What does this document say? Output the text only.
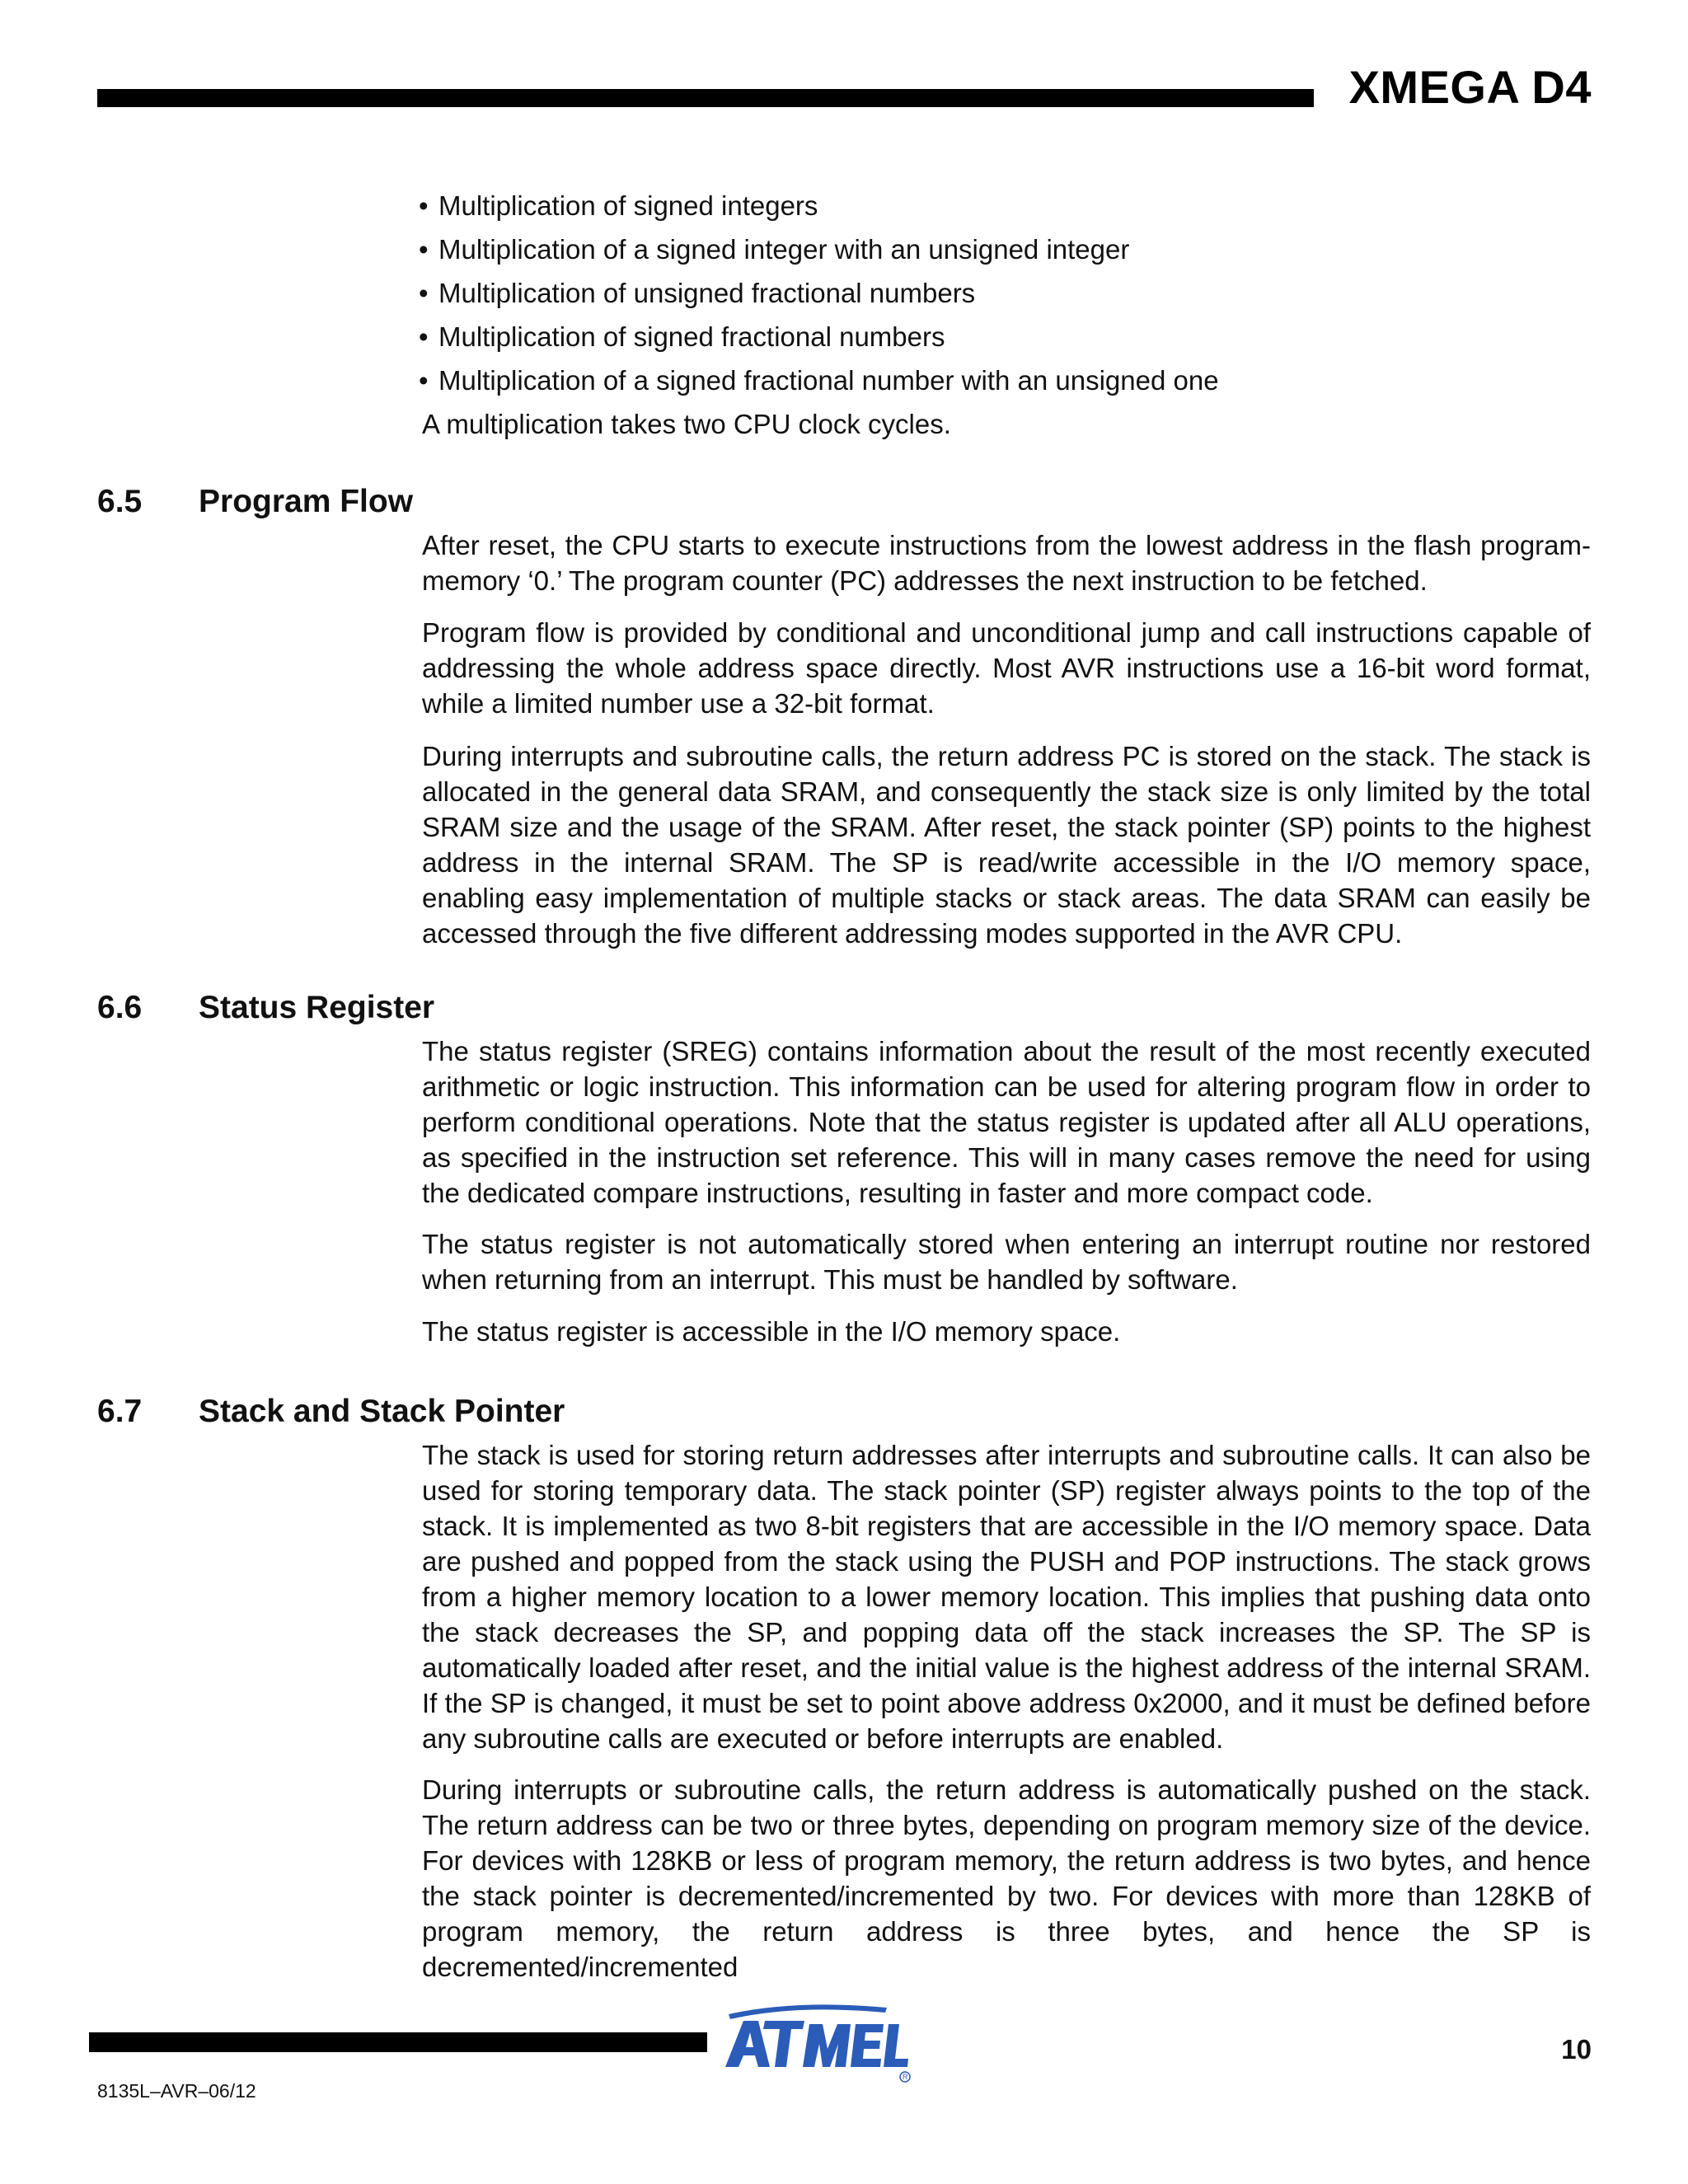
XMEGA D4
• Multiplication of signed integers
• Multiplication of a signed integer with an unsigned integer
• Multiplication of unsigned fractional numbers
• Multiplication of signed fractional numbers
• Multiplication of a signed fractional number with an unsigned one
A multiplication takes two CPU clock cycles.
6.5 Program Flow
After reset, the CPU starts to execute instructions from the lowest address in the flash program-memory ‘0.’ The program counter (PC) addresses the next instruction to be fetched.
Program flow is provided by conditional and unconditional jump and call instructions capable of addressing the whole address space directly. Most AVR instructions use a 16-bit word format, while a limited number use a 32-bit format.
During interrupts and subroutine calls, the return address PC is stored on the stack. The stack is allocated in the general data SRAM, and consequently the stack size is only limited by the total SRAM size and the usage of the SRAM. After reset, the stack pointer (SP) points to the highest address in the internal SRAM. The SP is read/write accessible in the I/O memory space, enabling easy implementation of multiple stacks or stack areas. The data SRAM can easily be accessed through the five different addressing modes supported in the AVR CPU.
6.6 Status Register
The status register (SREG) contains information about the result of the most recently executed arithmetic or logic instruction. This information can be used for altering program flow in order to perform conditional operations. Note that the status register is updated after all ALU operations, as specified in the instruction set reference. This will in many cases remove the need for using the dedicated compare instructions, resulting in faster and more compact code.
The status register is not automatically stored when entering an interrupt routine nor restored when returning from an interrupt. This must be handled by software.
The status register is accessible in the I/O memory space.
6.7 Stack and Stack Pointer
The stack is used for storing return addresses after interrupts and subroutine calls. It can also be used for storing temporary data. The stack pointer (SP) register always points to the top of the stack. It is implemented as two 8-bit registers that are accessible in the I/O memory space. Data are pushed and popped from the stack using the PUSH and POP instructions. The stack grows from a higher memory location to a lower memory location. This implies that pushing data onto the stack decreases the SP, and popping data off the stack increases the SP. The SP is automatically loaded after reset, and the initial value is the highest address of the internal SRAM. If the SP is changed, it must be set to point above address 0x2000, and it must be defined before any subroutine calls are executed or before interrupts are enabled.
During interrupts or subroutine calls, the return address is automatically pushed on the stack. The return address can be two or three bytes, depending on program memory size of the device. For devices with 128KB or less of program memory, the return address is two bytes, and hence the stack pointer is decremented/incremented by two. For devices with more than 128KB of program memory, the return address is three bytes, and hence the SP is decremented/incremented
R
10
8135L–AVR–06/12
